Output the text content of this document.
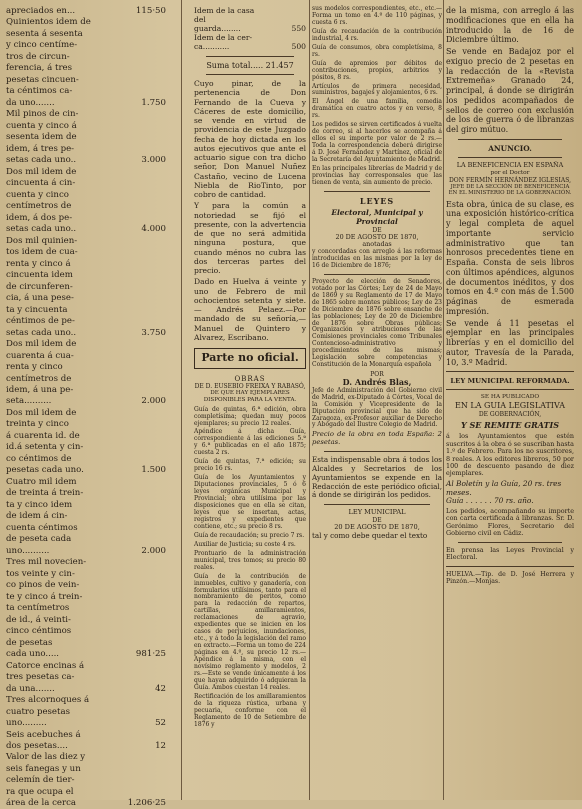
apreciados en...	115·50
Quinientos idem de
sesenta á sesenta
y cinco centíme-
tros de circun-
ferencia, á tres
pesetas cincuen-
ta céntimos ca-
da uno.......	1.750
Mil pinos de cin-
cuenta y cinco á
sesenta idem de
idem, á tres pe-
setas cada uno..	3.000
Dos mil idem de
cincuenta á cin-
cuenta y cinco
centímetros de
idem, á dos pe-
setas cada uno..	4.000
Dos mil quinien-
tos idem de cua-
renta y cinco á
cincuenta idem
de circunferen-
cia, á una pese-
ta y cincuenta
céntimos de pe-
setas cada uno..	3.750
Dos mil idem de
cuarenta á cua-
renta y cinco
centímetros de
idem, á una pe-
seta..........	2.000
Dos mil idem de
treinta y cinco
á cuarenta id. de
id.á setenta y cin-
co céntimos de
pesetas cada uno.	1.500
Cuatro mil idem
de treinta á trein-
ta y cinco idem
de idem á cin-
cuenta céntimos
de peseta cada
uno..........	2.000
Tres mil novecien-
tos veinte y cin-
co pinos de vein-
te y cinco á trein-
ta centímetros
de id., á veinti-
cinco céntimos
de pesetas
cada uno.....	981·25
Catorce encinas á
tres pesetas ca-
da una.......	42
Tres alcornoques á
cuatro pesetas
uno.........	52
Seis acebuches á
dos pesetas....	12
Valor de las diez y
seis fanegas y un
celemín de tier-
ra que ocupa el
área de la cerca	1.206·25
Idem de la casa del
guarda........	550
Idem de la cer-
ca...........	500
Suma total..... 21.457

Cuyo pinar, de la pertenencia de Don Fernando de la Cueva y Cáceres de este domicilio, se vende en virtud de providencia de este Juzgado fecha de hoy dictada en los autos ejecutivos que ante el actuario sigue con tra dicho señor, Don Manuel Nuñez Castaño, vecino de Lucena Niebla de RioTinto, por cobro de cantidad.

Y para la común a notoriedad se fijó el presente, con la advertencia de que no será admitida ninguna postura, que cuando ménos no cubra las dos terceras partes del precio.

Dado en Huelva á veinte y uno de Febrero de mil ochocientos setenta y siete.— Andrés Pelaez.—Por mandado de su señoría,—Manuel de Quintero y Alvarez, Escribano.

Parte no oficial.
OBRAS
DE D. EUSEBIO FREIXA Y RABASÓ,
DE QUE HAY EJEMPLARES DISPONIBLES PARA LA VENTA.

Guía de quintas, 6.ª edición, obra completísima; quedan muy pocos ejemplares; su precio 12 reales.

Apéndice á dicha Guía, correspondiente á las ediciones 5.ª y 6.ª publicadas en el año 1875; cuesta 2 rs.

Guía de quintas, 7.ª edición; su precio 16 rs.

Guía de los Ayuntamientos y Diputaciones provinciales, 5 ó 6 leyes orgánicas Municipal y Provincial; obra utilísima por las disposiciones que en ella se citan, leyes que se insertan, actas, registros y expedientes que contiene, etc.; su precio 8 rs.

Guía de recaudación; su precio 7 rs.

Auxiliar de Justicia; su coste 4 rs.

Prontuario de la administración municipal, tres tomos; su precio 80 reales.

Guía de la contribución de inmuebles, cultivo y ganadería, con formularios utilísimos, tanto para el nombramiento de peritos, como para la redacción de repartos, cartillas, amillaramientos, reclamaciones de agravio, expedientes que se inicien en los casos de perjuicios, inundaciones, etc., y á todo la legislación del ramo en extracto.—Forma un tomo de 224 páginas en 4.º, su precio 12 rs.—Apéndice á la misma, con el novísimo reglamento y modelos, 2 rs.—Este se vende únicamente á los que hayan adquirido ó adquieran la Guía. Ambos cuestan 14 reales.

Rectificación de los amillaramientos de la riqueza rústica, urbana y pecuaria, conforme con el Reglamento de 10 de Setiembre de 1876 y

sus modelos correspondientes, etc., etc.—Forma un tomo en 4.º de 110 páginas, y cuesta 6 rs.

Guía de recaudación de la contribución industrial, 4 rs.

Guía de consumos, obra completísima, 8 rs.

Guía de apremios por débitos de contribuciones, propios, arbitrios y pósitos, 8 rs.

Artículos de primera necesidad, suministros, bagajes y alojamientos, 6 rs.

El Ángel de una familia, comedia dramática en cuatro actos y en verso, 8 rs.

Los pedidos se sirven certificados á vuelta de correo, si al hacerlos se acompaña á ellos el su importe por valor de 2 rs.—Toda la correspondencia deberá dirigirse á D. José Fernández y Martínez, oficial de la Secretaría del Ayuntamiento de Madrid.

En las principales librerías de Madrid y de provincias hay corresponsales que las tienen de venta, sin aumento de precio.

LEYES
Electoral, Municipal y Provincial
DE
20 DE AGOSTO DE 1870,
anotadas

y concordadas con arreglo á las reformas introducidas en las mismas por la ley de 16 de Diciembre de 1876;

Proyecto de elección de Senadores, votado por las Córtes; Ley de 24 de Mayo de 1869 y su Reglamento de 17 de Mayo de 1865 sobre montes públicos; Ley de 23 de Diciembre de 1876 sobre ensanche de las poblaciones; Ley de 20 de Diciembre de 1876 sobre Obras públicas; Organización y atribuciones de las Comisiones provinciales como Tribunales Contencioso-administrativo y procedimientos de las mismas; Legislación sobre competencias y Constitución de la Monarquía española

POR
D. Andrés Blas,

Jefe de Administración del Gobierno civil de Madrid, ex-Diputado á Córtes, Vocal de la Comisión y Vicepresidente de la Diputación provincial que ha sido de Zaragoza, ex-Profesor auxiliar de Derecho y Abogado del Ilustre Colegio de Madrid.

Precio de la obra en toda España: 2 pesetas.

Esta indispensable obra á todos los Alcaldes y Secretarios de los Ayuntamientos se expende en la Redacción de este periódico oficial, á donde se dirigirán los pedidos.

LEY MUNICIPAL
DE
20 DE AGOSTO DE 1870,

tal y como debe quedar el texto

de la misma, con arreglo á las modificaciones que en ella ha introducido la de 16 de Diciembre último.

Se vende en Badajoz por el exiguo precio de 2 pesetas en la redacción de la «Revista Extremeña» Granado 24, principal, á donde se dirigirán los pedidos acompañados de sellos de correo con exclusión de los de guerra ó de libranzas del giro mútuo.

ANUNCIO.
LA BENEFICENCIA EN ESPAÑA
por el Doctor
DON FERMÍN HERNÁNDEZ IGLESIAS,
JEFE DE LA SECCIÓN DE BENEFICENCIA EN EL MINISTERIO DE LA GOBERNACIÓN.

Esta obra, única de su clase, es una exposición histórico-crítica y legal completa de aquel importante servicio administrativo que tan honrosos precedentes tiene en España. Consta de seis libros con últimos apéndices, algunos de documentos inéditos, y dos tomos en 4.º con más de 1.500 páginas de esmerada impresión.

Se vende á 11 pesetas el ejemplar en las principales librerías y en el domicilio del autor, Travesía de la Parada, 10, 3.º Madrid.

LEY MUNICIPAL REFORMADA.
SE HA PUBLICADO
EN LA GUIA LEGISLATIVA
DE GOBERNACIÓN,
Y SE REMITE GRATIS

á los Ayuntamientos que estén suscritos á la obra ó se suscriban hasta 1.º de Febrero. Para los no suscritores, 8 reales. A los editores libreros, 50 por 100 de descuento pasando de diez ejemplares.

Al Boletín y la Guía, 20 rs. tres meses.

Guía . . . . . . 70 rs. año.

Los pedidos, acompañando su importe con carta certificada á libranzas. Sr. D. Gerónimo Flores, Secretario del Gobierno civil en Cádiz.

En prensa las Leyes Provincial y Electoral.

HUELVA.—Tip. de D. José Herrera y Pinzón.—Monjas.
